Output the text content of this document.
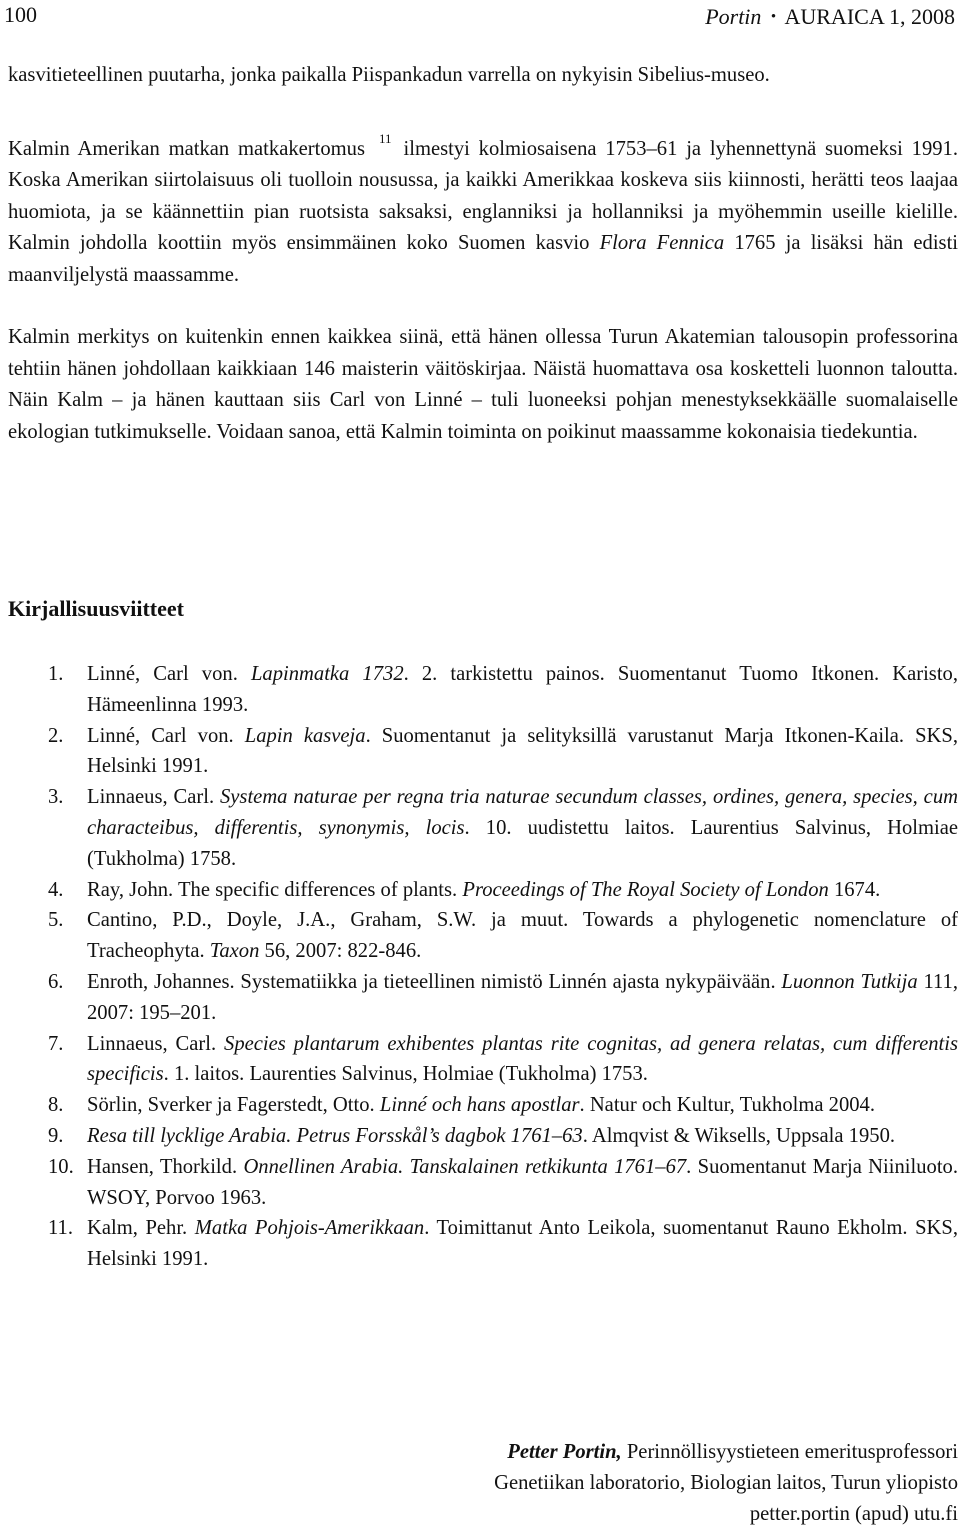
100	Portin • AURAICA 1, 2008

kasvitieteellinen puutarha, jonka paikalla Piispankadun varrella on nykyisin Sibelius-museo.

Kalmin Amerikan matkan matkakertomus $^{11}$ ilmestyi kolmiosaisena 1753–61 ja lyhennettynä suomeksi 1991. Koska Amerikan siirtolaisuus oli tuolloin nousussa, ja kaikki Amerikkaa koskeva siis kiinnosti, herätti teos laajaa huomiota, ja se käännettiin pian ruotsista saksaksi, englanniksi ja hollanniksi ja myöhemmin useille kielille. Kalmin johdolla koottiin myös ensimmäinen koko Suomen kasvio Flora Fennica 1765 ja lisäksi hän edisti maanviljelystä maassamme.

Kalmin merkitys on kuitenkin ennen kaikkea siinä, että hänen ollessa Turun Akatemian talousopin professorina tehtiin hänen johdollaan kaikkiaan 146 maisterin väitöskirjaa. Näistä huomattava osa kosketteli luonnon taloutta. Näin Kalm – ja hänen kauttaan siis Carl von Linné – tuli luoneeksi pohjan menestyksekkäälle suomalaiselle ekologian tutkimukselle. Voidaan sanoa, että Kalmin toiminta on poikinut maassamme kokonaisia tiedekuntia.

Kirjallisuusviitteet
1. Linné, Carl von. Lapinmatka 1732. 2. tarkistettu painos. Suomentanut Tuomo Itkonen. Karisto, Hämeenlinna 1993.
2. Linné, Carl von. Lapin kasveja. Suomentanut ja selityksillä varustanut Marja Itkonen-Kaila. SKS, Helsinki 1991.
3. Linnaeus, Carl. Systema naturae per regna tria naturae secundum classes, ordines, genera, species, cum characteibus, differentis, synonymis, locis. 10. uudistettu laitos. Laurentius Salvinus, Holmiae (Tukholma) 1758.
4. Ray, John. The specific differences of plants. Proceedings of The Royal Society of London 1674.
5. Cantino, P.D., Doyle, J.A., Graham, S.W. ja muut. Towards a phylogenetic nomenclature of Tracheophyta. Taxon 56, 2007: 822-846.
6. Enroth, Johannes. Systematiikka ja tieteellinen nimistö Linnén ajasta nykypäivään. Luonnon Tutkija 111, 2007: 195–201.
7. Linnaeus, Carl. Species plantarum exhibentes plantas rite cognitas, ad genera relatas, cum differentis specificis. 1. laitos. Laurenties Salvinus, Holmiae (Tukholma) 1753.
8. Sörlin, Sverker ja Fagerstedt, Otto. Linné och hans apostlar. Natur och Kultur, Tukholma 2004.
9. Resa till lycklige Arabia. Petrus Forsskål’s dagbok 1761–63. Almqvist & Wiksells, Uppsala 1950.
10. Hansen, Thorkild. Onnellinen Arabia. Tanskalainen retkikunta 1761–67. Suomentanut Marja Niiniluoto. WSOY, Porvoo 1963.
11. Kalm, Pehr. Matka Pohjois-Amerikkaan. Toimittanut Anto Leikola, suomentanut Rauno Ekholm. SKS, Helsinki 1991.
Petter Portin, Perinnöllisyystieteen emeritusprofessori
Genetiikan laboratorio, Biologian laitos, Turun yliopisto
petter.portin (apud) utu.fi
